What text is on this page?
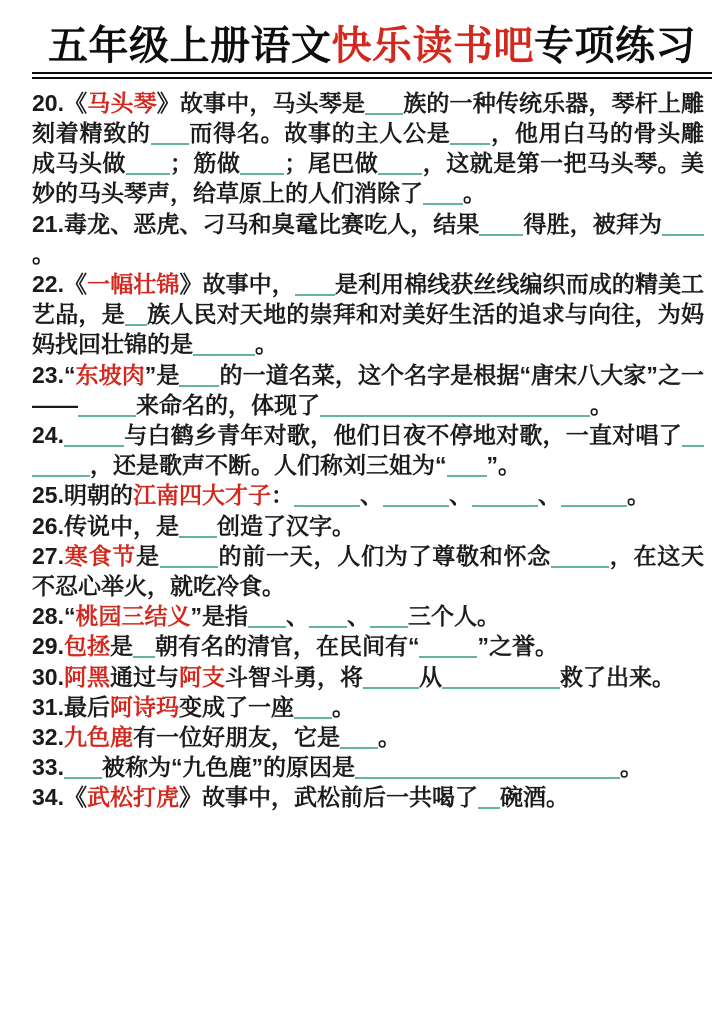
五年级上册语文快乐读书吧专项练习

20.《马头琴》故事中，马头琴是 族的一种传统乐器，琴杆上雕刻着精致的 而得名。故事的主人公是 ，他用白马的骨头雕成马头做 ；筋做 ；尾巴做 ，这就是第一把马头琴。美妙的马头琴声，给草原上的人们消除了 。

21.毒龙、恶虎、刁马和臭鼋比赛吃人，结果 得胜，被拜为。

22.《一幅壮锦》故事中， 是利用棉线获丝线编织而成的精美工艺品，是 族人民对天地的崇拜和对美好生活的追求与向往，为妈妈找回壮锦的是	。

23.“东坡肉”是 的一道名菜，这个名字是根据“唐宋八大家”之一——	来命名的，体现了	。

24.	与白鹤乡青年对歌，他们日夜不停地对歌，一直对唱了，还是歌声不断。人们称刘三姐为“ ”。

25.明朝的江南四大才子：	、	、	、	。

26.传说中，是 创造了汉字。

27.寒食节是	的前一天，人们为了尊敬和怀念	，在这天不忍心举火，就吃冷食。

28.“桃园三结义”是指 、 、 三个人。

29.包拯是 朝有名的清官，在民间有“	”之誉。

30.阿黑通过与阿支斗智斗勇，将 从	救了出来。

31.最后阿诗玛变成了一座 。

32.九色鹿有一位好朋友，它是 。

33. 被称为“九色鹿”的原因是	。

34.《武松打虎》故事中，武松前后一共喝了 碗酒。
